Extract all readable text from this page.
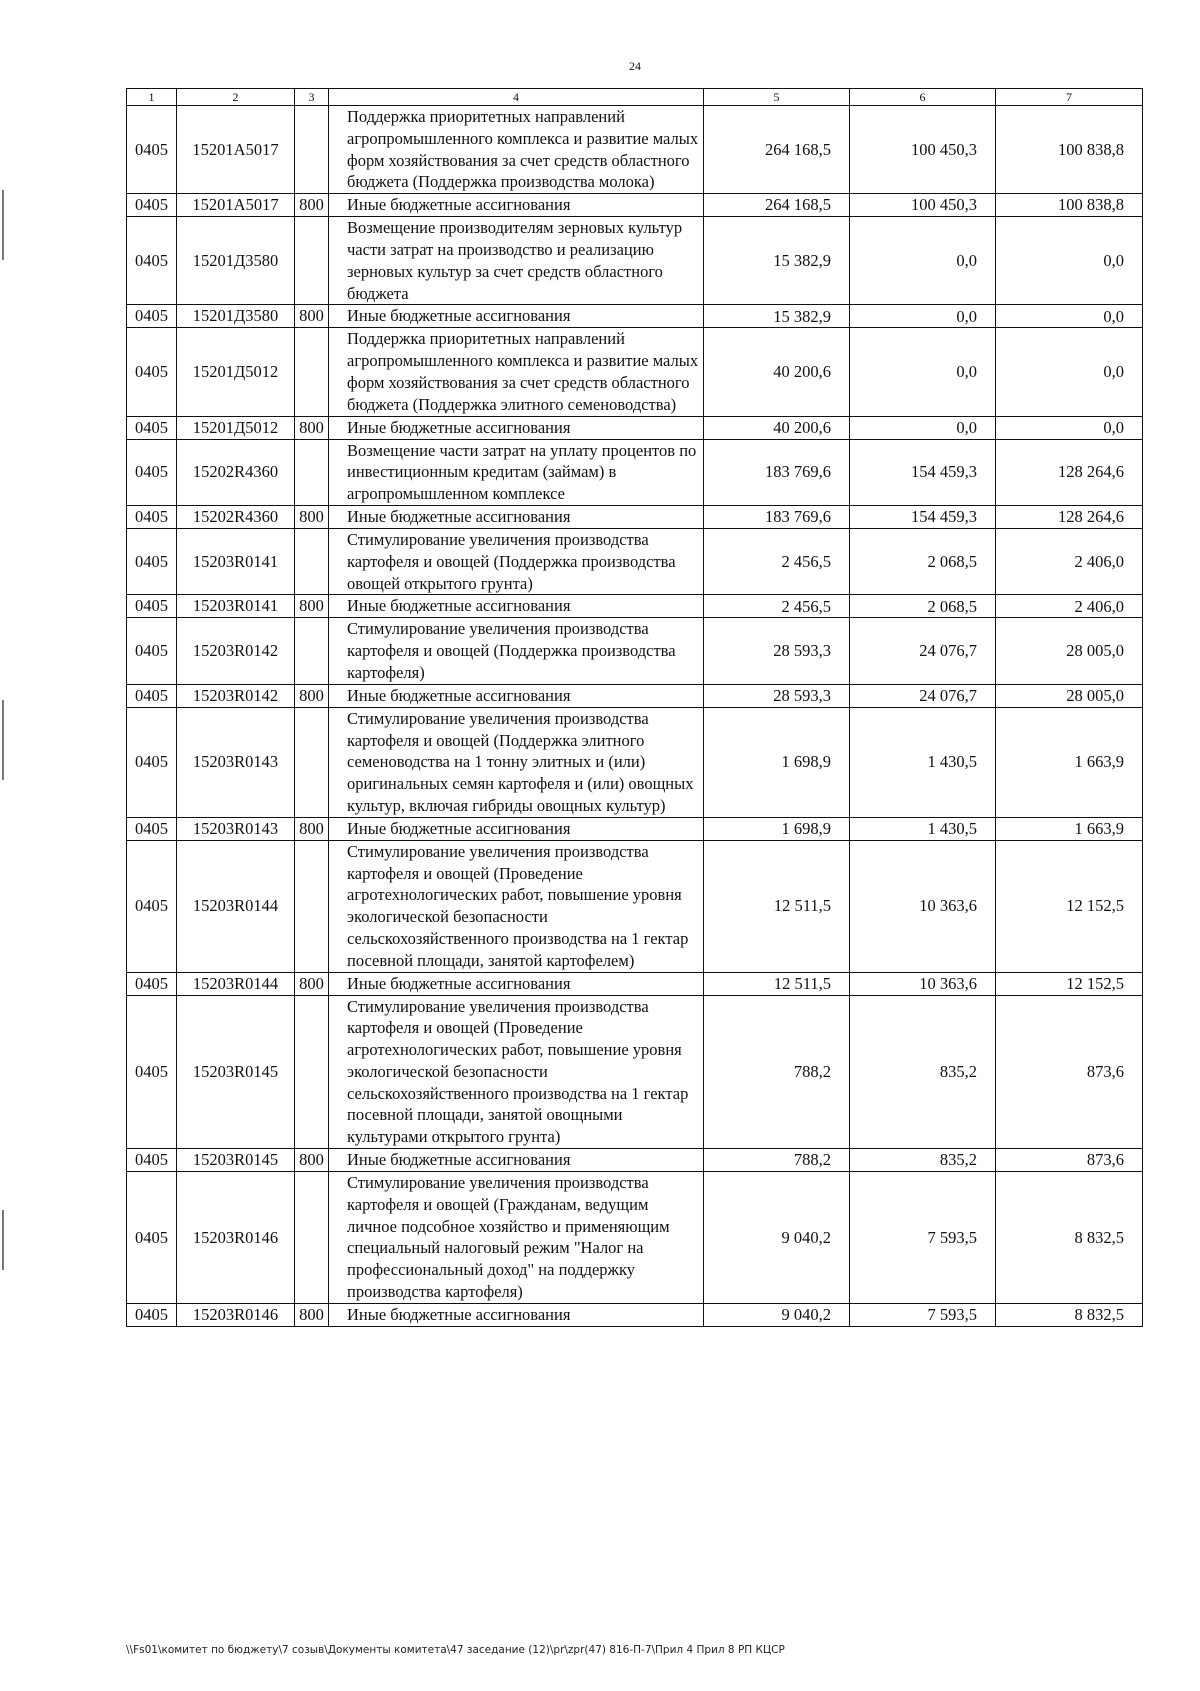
24
1	2	3	4	5	6	7
0405	15201A5017		Поддержка приоритетных направлений агропромышленного комплекса и развитие малых форм хозяйствования за счет средств областного бюджета (Поддержка производства молока)	264 168,5	100 450,3	100 838,8
0405	15201A5017	800	Иные бюджетные ассигнования	264 168,5	100 450,3	100 838,8
0405	15201Д3580		Возмещение производителям зерновых культур части затрат на производство и реализацию зерновых культур за счет средств областного бюджета	15 382,9	0,0	0,0
0405	15201Д3580	800	Иные бюджетные ассигнования	15 382,9	0,0	0,0
0405	15201Д5012		Поддержка приоритетных направлений агропромышленного комплекса и развитие малых форм хозяйствования за счет средств областного бюджета (Поддержка элитного семеноводства)	40 200,6	0,0	0,0
0405	15201Д5012	800	Иные бюджетные ассигнования	40 200,6	0,0	0,0
0405	15202R4360		Возмещение части затрат на уплату процентов по инвестиционным кредитам (займам) в агропромышленном комплексе	183 769,6	154 459,3	128 264,6
0405	15202R4360	800	Иные бюджетные ассигнования	183 769,6	154 459,3	128 264,6
0405	15203R0141		Стимулирование увеличения производства картофеля и овощей (Поддержка производства овощей открытого грунта)	2 456,5	2 068,5	2 406,0
0405	15203R0141	800	Иные бюджетные ассигнования	2 456,5	2 068,5	2 406,0
0405	15203R0142		Стимулирование увеличения производства картофеля и овощей (Поддержка производства картофеля)	28 593,3	24 076,7	28 005,0
0405	15203R0142	800	Иные бюджетные ассигнования	28 593,3	24 076,7	28 005,0
0405	15203R0143		Стимулирование увеличения производства картофеля и овощей (Поддержка элитного семеноводства на 1 тонну элитных и (или) оригинальных семян картофеля и (или) овощных культур, включая гибриды овощных культур)	1 698,9	1 430,5	1 663,9
0405	15203R0143	800	Иные бюджетные ассигнования	1 698,9	1 430,5	1 663,9
0405	15203R0144		Стимулирование увеличения производства картофеля и овощей (Проведение агротехнологических работ, повышение уровня экологической безопасности сельскохозяйственного производства на 1 гектар посевной площади, занятой картофелем)	12 511,5	10 363,6	12 152,5
0405	15203R0144	800	Иные бюджетные ассигнования	12 511,5	10 363,6	12 152,5
0405	15203R0145		Стимулирование увеличения производства картофеля и овощей (Проведение агротехнологических работ, повышение уровня экологической безопасности сельскохозяйственного производства на 1 гектар посевной площади, занятой овощными культурами открытого грунта)	788,2	835,2	873,6
0405	15203R0145	800	Иные бюджетные ассигнования	788,2	835,2	873,6
0405	15203R0146		Стимулирование увеличения производства картофеля и овощей (Гражданам, ведущим личное подсобное хозяйство и применяющим специальный налоговый режим "Налог на профессиональный доход" на поддержку производства картофеля)	9 040,2	7 593,5	8 832,5
0405	15203R0146	800	Иные бюджетные ассигнования	9 040,2	7 593,5	8 832,5
\\Fs01\комитет по бюджету\7 созыв\Документы комитета\47 заседание (12)\pr\zpr(47) 816-П-7\Прил 4 Прил 8 РП КЦСР
